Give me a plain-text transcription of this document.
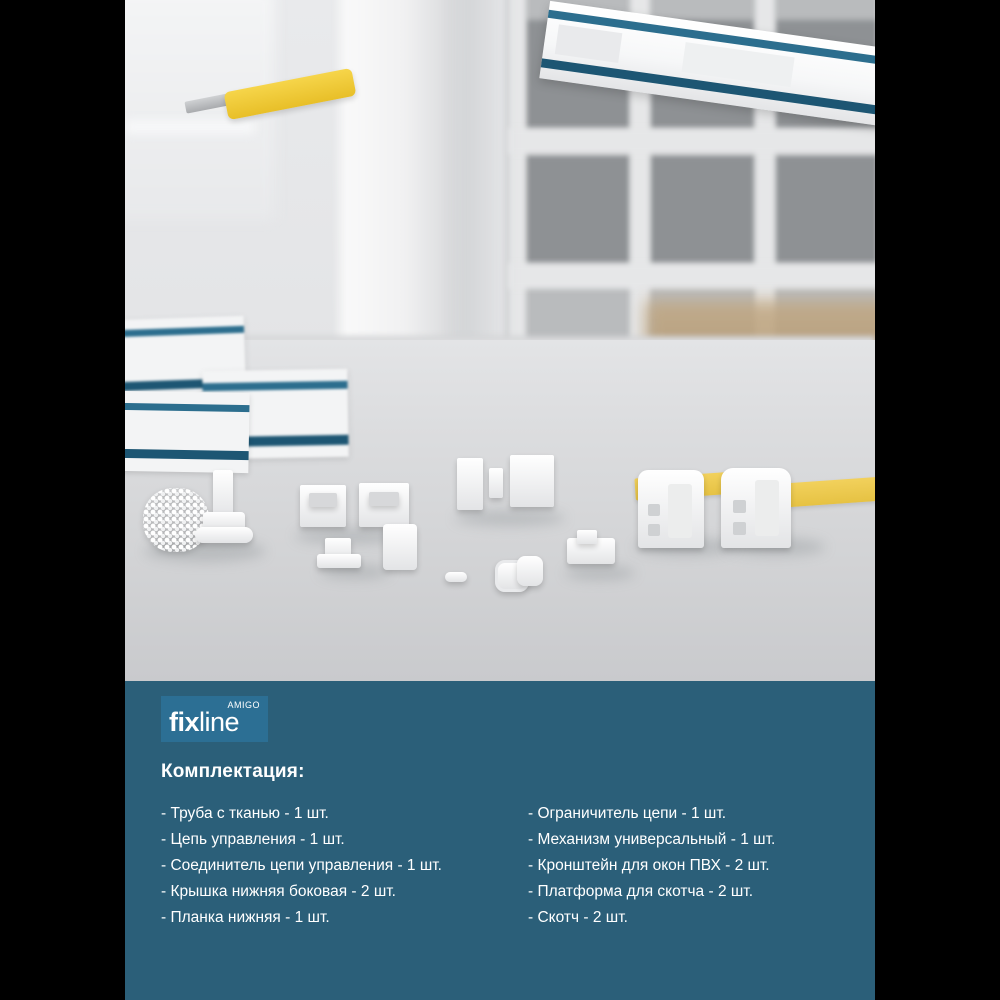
AMIGO
fixline
Комплектация:
- Труба с тканью - 1 шт.
- Цепь управления - 1 шт.
- Соединитель цепи управления - 1 шт.
- Крышка нижняя боковая - 2 шт.
- Планка нижняя - 1 шт.
- Ограничитель цепи - 1 шт.
- Механизм универсальный - 1 шт.
- Кронштейн для окон ПВХ - 2 шт.
- Платформа для скотча - 2 шт.
- Скотч - 2 шт.
